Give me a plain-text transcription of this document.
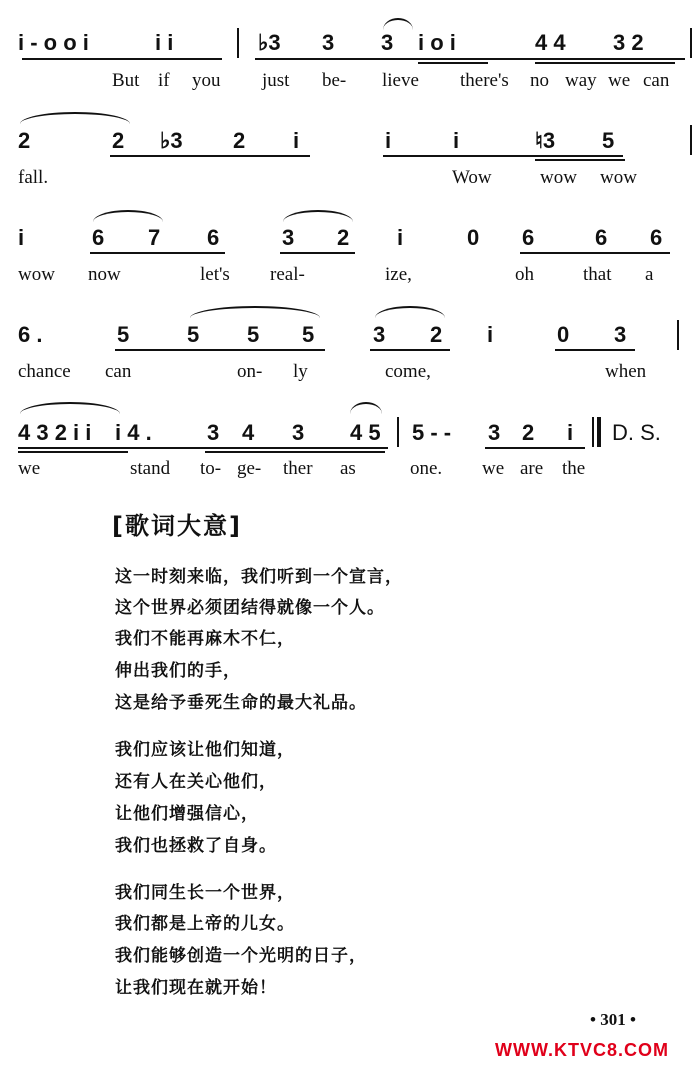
i - o o i	i i	♭3 3 3 i o i	4 4 3 2
But if you just be- lieve there's no way we can
2	2 ♭3 2 i	i	i	♮3 5
fall.	Wow	wow wow
i	6 7 6	3 2 i	0 6	6 6
wow now	let's real-	ize,	oh	that a
6 .	5	5 5 5	3 2 i	0 3
chance can	on- ly	come,	when
4 3 2 i i i 4 .	3 4 3 4 5 5 - - 3 2 i D. S.
we	stand to- ge- ther as	one. we are the
[歌词大意]
这一时刻来临，我们听到一个宣言，
这个世界必须团结得就像一个人。
我们不能再麻木不仁，
伸出我们的手，
这是给予垂死生命的最大礼品。
我们应该让他们知道，
还有人在关心他们，
让他们增强信心，
我们也拯救了自身。
我们同生长一个世界，
我们都是上帝的儿女。
我们能够创造一个光明的日子，
让我们现在就开始！
• 301 •
WWW.KTVC8.COM
